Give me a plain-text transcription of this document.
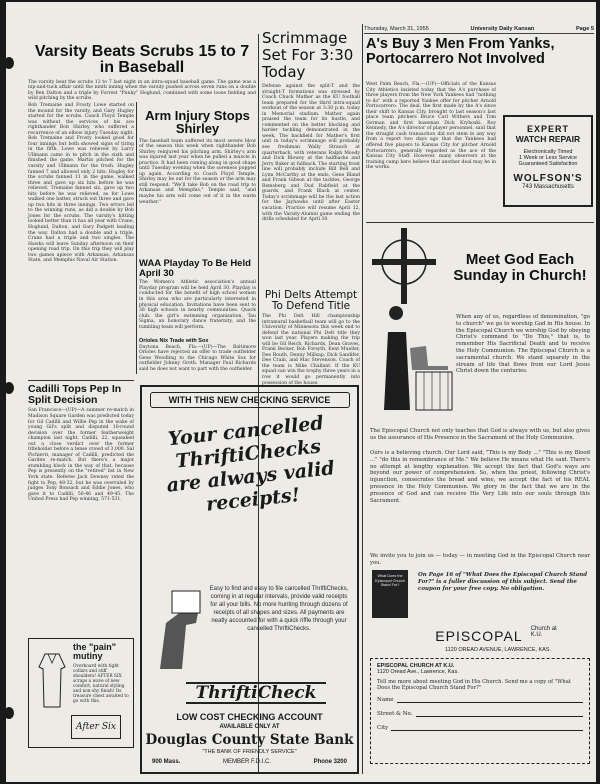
Thursday, March 31, 1955	University Daily Kansan	Page 5
Varsity Beats Scrubs 15 to 7 in Baseball
The varsity beat the scrubs 13 to 7 last night in an intra-squad baseball game. The game was a nip-and-tuck affair until the ninth inning when the varsity pushed across seven runs on a double by Ben Dalton and a triple by Forrest "Punky" Hoglund, combined with some loose fielding and wild pitching by the scrubs.
Bob Tremaine and Frosty Lowe started on the mound for the varsity, and Gary Hugley started for the scrubs. Coach Floyd Temple was without the services of his ace righthander Bob Shirley, who suffered a recurrence of an elbow injury Tuesday night. Bob Tremaine and Frosty looked good for four innings but both showed signs of tiring in the fifth. Lowe was relieved by Larry Ullmann came in to pitch in the sixth and finished the game. Martin pitched for the varsity and Ullmann for the frosh. Hugley fanned 7 and allowed only 2 hits. Hugley for the scrubs fanned 11 in the game, walked three and gave up six hits before he was relieved. Tremaine fanned six, gave up two hits before he was relieved, as for Lowe walked one batter, struck out three and gave up two hits in three innings. Two errors led to the winning runs, as did a double by Bob Jones for the scrubs. The varsity's hitting looked better than it has all year with Crane, Hoglund, Dalton, and Gary Padgett leading the way. Dalton had a double and a triple. Crane had a triple and two singles. The Hawks will leave Sunday afternoon on their opening road trip. On this trip they will play two games apiece with Arkansas, Arkansas State, and Memphis Naval Air Station.
Arm Injury Stops Shirley
The baseball team suffered its most severe blow of the season this week when righthander Bob Shirley reinjured his pitching arm. Shirley's arm was injured last year when he pulled a muscle in practice. It had been coming along in good shape until Tuesday evening when the soreness popped up again. According to Coach Floyd Temple, Shirley may be out for the season or the arm may still respond. "We'll take Bob on the road trip to Arkansas and Memphis," Temple said, "and maybe his arm will come out of it in the warm weather."
WAA Playday To Be Held April 30
The Women's Athletic association's annual Playday program will be held April 30. Playday is conducted for the benefit of high school women in this area who are particularly interested in physical education. Invitations have been sent to 38 high schools in nearby communities. Quack club, the girl's swimming organization, Tau Sigma, an honorary dance fraternity, and the tumbling team will perform.
Orioles Nix Trade with Sox
Daytona Beach, Fla.—(UP)—The Baltimore Orioles have rejected an offer to trade outfielder Gene Woodling to the Chicago White Sox for outfielder Johnny Groth. Manager Paul Richards said he does not want to part with the outfielder.
Cadilli Tops Pep In Split Decision
San Francisco—(UP)—A summer re-match in Madison Square Garden was predicted today for Gil Cadilli and Willie Pep in the wake of young Gil's split and disputed 10-round decision over the former featherweight champion last night. Cadilli, 22, squeaked out a close verdict over the former titleholder before a tense crowd of 3,000. Sal Pichierri, manager of Cadilli, predicted the Garden re-match. But there's a major stumbling block in the way of that, because Pep is presently on the "retired" list in New York state. Referee Jack Downey rated the fight to Pep, 48-32, but he was overruled by judges Tony Bonsack and Eddie Jones, who gave it to Cadilli, 50-46 and 49-45. The United Press had Pep winning, 571-531.
the "pain" mutiny
Overboard with tight collars and stiff shoulders! AFTER SIX scraps a wave of new comfort, natural styling and non-shy finish! Its treasure chest awaited to go with this.
After Six
Scrimmage Set For 3:30 Today
Defense against the split-T and the straight-T formations was stressed by Coach Chuck Mather as the KU football team prepared for the third intra-squad workout of the season at 3:30 p.m. today in Memorial stadium. Mather again praised the team for its hustle, and commented on the better blocking and harder tackling demonstrated in the week. The backfield for Mather's first unit in today's scrimmage will probably see freshman Wally Strauch at quarterback, with veterans Ralph Moody and Dick Blowey at the halfbacks and Jerry Baker at fullback. The starting front line will probably include Bill Bell and Lynn McCarthy at the ends, Gene Bland and Frank Gibson at the tackles, George Remsberg and Dud Rabfield at the guards, and Frank Black at center. Today's scrimmage will be the last action for the Jayhawks until after Easter vacation. Practice will resume April 12, with the Varsity-Alumni game ending the drills scheduled for April 30.
Phi Delts Attempt To Defend Title
The Phi Delt Hill championship intramural basketball team will go to the University of Minnesota this week end to defend the national Phi Delt title they won last year. Players making the trip will be Gil Reich, Richards, Dean Graves, Frank Becker, Bob Forsyth, Kent Mueller, Dee Routh, Denny Millsap, Dick Sandifer, Dee Crain, and Mac Stevenson. Coach of the team is Mike Challant. If the KU squad can win the trophy three years in a row it would go permanently into possession of the house.
WITH THIS NEW CHECKING SERVICE
Your cancelled ThriftiChecks are always valid receipts!
Easy to find and easy to file cancelled ThriftiChecks, coming in at regular intervals, provide valid receipts for all your bills. No more hunting through dozens of receipts of all shapes and sizes. All payments are neatly accounted for with a quick riffle through your cancelled ThriftiChecks.
ThriftiCheck
LOW COST CHECKING ACCOUNT
AVAILABLE ONLY AT
Douglas County State Bank
"THE BANK OF FRIENDLY SERVICE"
900 Mass.	MEMBER F.D.I.C.	Phone 3200
A's Buy 3 Men From Yanks, Portocarrero Not Involved
West Palm Beach, Fla.—(UP)—Officials of the Kansas City Athletics insisted today that the A's purchase of three players from the New York Yankees had "nothing to do" with a reported Yankee offer for pitcher Arnold Portocarrero. The deal, the first made by the A's since their shift to Kansas City, brought to last season's last place team pitchers Bruce Carl Withers and Tom Gorman and first baseman Dick Kryhoski. Roy Kennedy, the A's director of player personnel, said that the straight cash transaction did not stem in any way from a report two days ago that the Yankees had offered five players to Kansas City for pitcher Arnold Portocarrero, generally regarded as the ace of the Kansas City Staff. However, many observers at the training camp here believe that another deal may be in the works.
EXPERT
WATCH REPAIR
Electronically Timed
1 Week or Less Service
Guaranteed Satisfaction
WOLFSON'S
743 Massachusetts
Meet God Each Sunday in Church!
When any of us, regardless of denomination, "go to church" we go to worship God in His house. In the Episcopal Church we worship God by obeying Christ's command to "Do This," that is, to remember His Sacrificial Death and to receive the Holy Communion. The Episcopal Church is a sacramental church. We stand squarely in the stream of life that flows from our Lord Jesus Christ down the centuries.
The Episcopal Church not only teaches that God is always with us, but also gives us the assurance of His Presence in the Sacrament of the Holy Communion.
Ours is a believing church. Our Lord said, "This is my Body ..." "This is my Blood ..." "do this in remembrance of Me." We believe He means what He said. There's no attempt at lengthy explanation. We accept the fact that God's ways are beyond our power of comprehension. So, when the priest, following Christ's injunction, consecrates the bread and wine, we accept the fact of his REAL presence in the Holy Communion. We glory in the fact that we are in the presence of God and can receive His Very Life into our souls through this Sacrament.
We invite you to join us — today — in meeting God in the Episcopal Church near you.
What Does the Episcopal Church Stand For?
On Page 16 of "What Does the Episcopal Church Stand For?" is a fuller discussion of this subject. Send the coupon for your free copy. No obligation.
EPISCOPAL Church at K.U.
1120 OREAD AVENUE, LAWRENCE, KAS.
EPISCOPAL CHURCH AT K.U.
1120 Oread Ave., Lawrence, Kas.
Tell me more about meeting God in His Church. Send me a copy of "What Does the Episcopal Church Stand For?"
Name
Street & No.
City
